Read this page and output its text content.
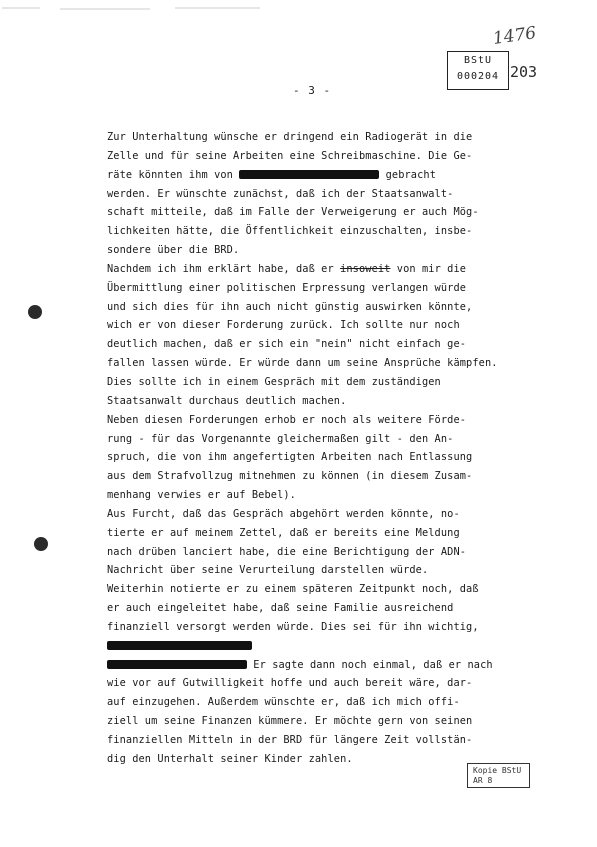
1476
BStU
000204 203
- 3 -
Zur Unterhaltung wünsche er dringend ein Radiogerät in die
Zelle und für seine Arbeiten eine Schreibmaschine. Die Ge-
räte könnten ihm von	gebracht
werden. Er wünschte zunächst, daß ich der Staatsanwalt-
schaft mitteile, daß im Falle der Verweigerung er auch Mög-
lichkeiten hätte, die Öffentlichkeit einzuschalten, insbe-
sondere über die BRD.
Nachdem ich ihm erklärt habe, daß er insoweit von mir die
Übermittlung einer politischen Erpressung verlangen würde
und sich dies für ihn auch nicht günstig auswirken könnte,
wich er von dieser Forderung zurück. Ich sollte nur noch
deutlich machen, daß er sich ein "nein" nicht einfach ge-
fallen lassen würde. Er würde dann um seine Ansprüche kämpfen.
Dies sollte ich in einem Gespräch mit dem zuständigen
Staatsanwalt durchaus deutlich machen.
Neben diesen Forderungen erhob er noch als weitere Förde-
rung - für das Vorgenannte gleichermaßen gilt - den An-
spruch, die von ihm angefertigten Arbeiten nach Entlassung
aus dem Strafvollzug mitnehmen zu können (in diesem Zusam-
menhang verwies er auf Bebel).
Aus Furcht, daß das Gespräch abgehört werden könnte, no-
tierte er auf meinem Zettel, daß er bereits eine Meldung
nach drüben lanciert habe, die eine Berichtigung der ADN-
Nachricht über seine Verurteilung darstellen würde.
Weiterhin notierte er zu einem späteren Zeitpunkt noch, daß
er auch eingeleitet habe, daß seine Familie ausreichend
finanziell versorgt werden würde. Dies sei für ihn wichtig,
Er sagte dann noch einmal, daß er nach
wie vor auf Gutwilligkeit hoffe und auch bereit wäre, dar-
auf einzugehen. Außerdem wünschte er, daß ich mich offi-
ziell um seine Finanzen kümmere. Er möchte gern von seinen
finanziellen Mitteln in der BRD für längere Zeit vollstän-
dig den Unterhalt seiner Kinder zahlen.
Kopie BStU
AR 8
